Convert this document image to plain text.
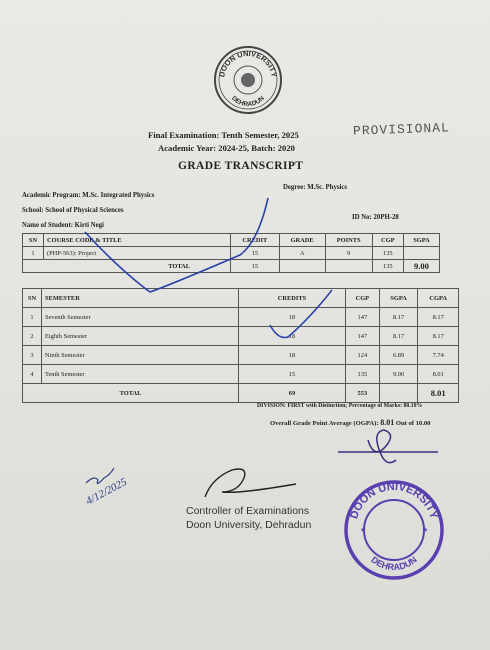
DOON UNIVERSITY
DEHRADUN
PROVISIONAL
Final Examination: Tenth Semester, 2025
Academic Year: 2024-25, Batch: 2020
GRADE TRANSCRIPT
Academic Program: M.Sc. Integrated Physics
Degree: M.Sc. Physics
School: School of Physical Sciences
Name of Student: Kirti Negi
ID No: 20PH-28
SN	COURSE CODE & TITLE	CREDIT	GRADE	POINTS	CGP	SGPA
1	(PHP-563): Project	15	A	9	135	
TOTAL		15			135	9.00
SN	SEMESTER	CREDITS	CGP	SGPA	CGPA
1	Seventh Semester	18	147	8.17	8.17
2	Eighth Semester	18	147	8.17	8.17
3	Ninth Semester	18	124	6.89	7.74
4	Tenth Semester	15	135	9.00	8.01
TOTAL		69	553		8.01
DIVISION: FIRST with Distinction; Percentage of Marks: 80.10%
Overall Grade Point Average (OGPA): 8.01 Out of 10.00
Controller of Examinations
Doon University, Dehradun
4/12/2025
DOON UNIVERSITY
DEHRADUN
★	★
